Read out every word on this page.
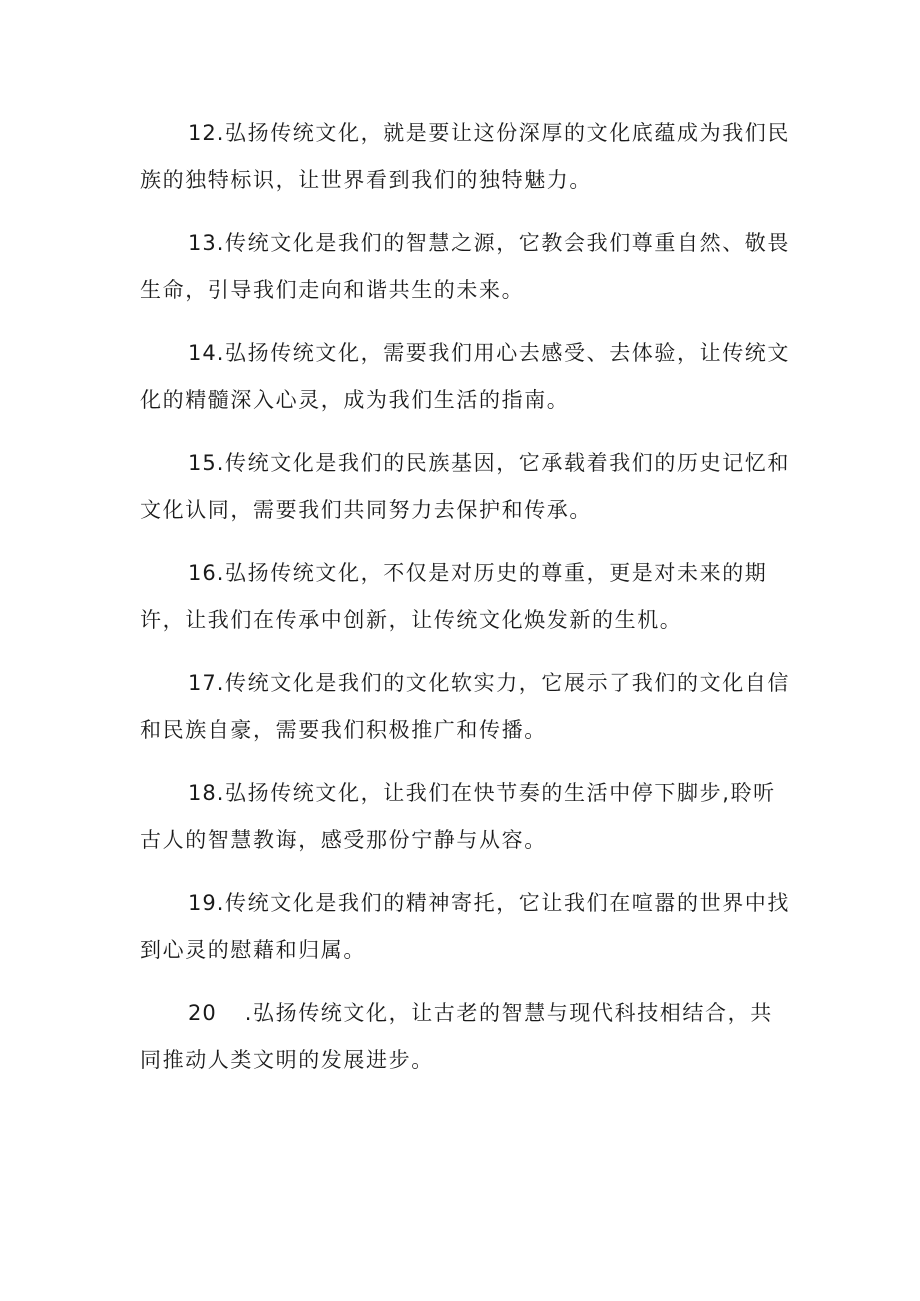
12.弘扬传统文化，就是要让这份深厚的文化底蕴成为我们民族的独特标识，让世界看到我们的独特魅力。

13.传统文化是我们的智慧之源，它教会我们尊重自然、敬畏生命，引导我们走向和谐共生的未来。

14.弘扬传统文化，需要我们用心去感受、去体验，让传统文化的精髓深入心灵，成为我们生活的指南。

15.传统文化是我们的民族基因，它承载着我们的历史记忆和文化认同，需要我们共同努力去保护和传承。

16.弘扬传统文化，不仅是对历史的尊重，更是对未来的期许，让我们在传承中创新，让传统文化焕发新的生机。

17.传统文化是我们的文化软实力，它展示了我们的文化自信和民族自豪，需要我们积极推广和传播。

18.弘扬传统文化，让我们在快节奏的生活中停下脚步,聆听古人的智慧教诲，感受那份宁静与从容。

19.传统文化是我们的精神寄托，它让我们在喧嚣的世界中找到心灵的慰藉和归属。

20 .弘扬传统文化，让古老的智慧与现代科技相结合，共同推动人类文明的发展进步。
